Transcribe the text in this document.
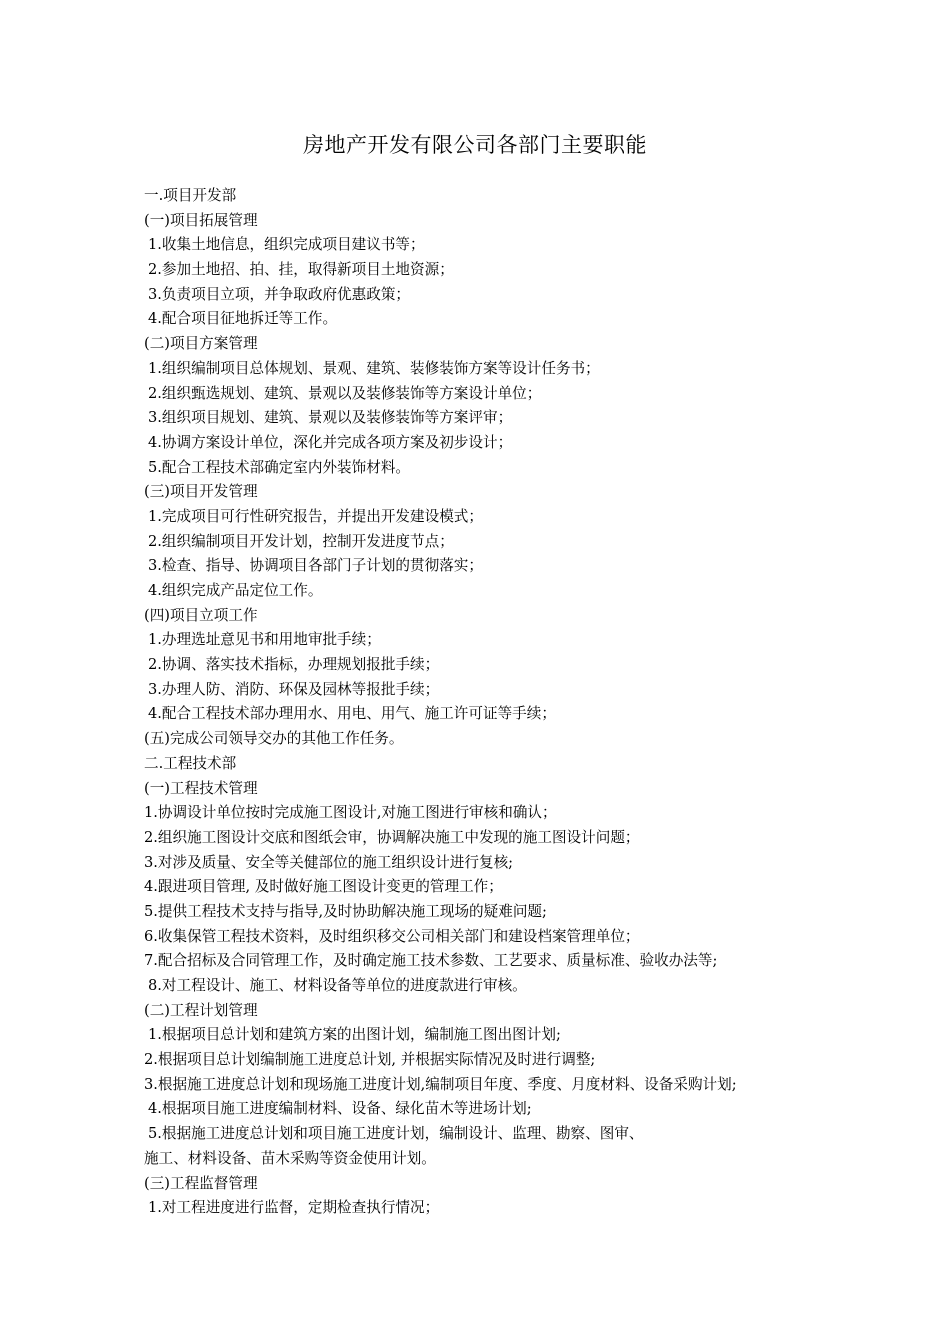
房地产开发有限公司各部门主要职能
一.项目开发部
(一)项目拓展管理
1.收集土地信息，组织完成项目建议书等；
2.参加土地招、拍、挂，取得新项目土地资源；
3.负责项目立项，并争取政府优惠政策；
4.配合项目征地拆迁等工作。
(二)项目方案管理
1.组织编制项目总体规划、景观、建筑、装修装饰方案等设计任务书；
2.组织甄选规划、建筑、景观以及装修装饰等方案设计单位；
3.组织项目规划、建筑、景观以及装修装饰等方案评审；
4.协调方案设计单位，深化并完成各项方案及初步设计；
5.配合工程技术部确定室内外装饰材料。
(三)项目开发管理
1.完成项目可行性研究报告，并提出开发建设模式；
2.组织编制项目开发计划，控制开发进度节点；
3.检查、指导、协调项目各部门子计划的贯彻落实；
4.组织完成产品定位工作。
(四)项目立项工作
1.办理选址意见书和用地审批手续；
2.协调、落实技术指标，办理规划报批手续；
3.办理人防、消防、环保及园林等报批手续；
4.配合工程技术部办理用水、用电、用气、施工许可证等手续；
(五)完成公司领导交办的其他工作任务。
二.工程技术部
(一)工程技术管理
1.协调设计单位按时完成施工图设计,对施工图进行审核和确认；
2.组织施工图设计交底和图纸会审，协调解决施工中发现的施工图设计问题；
3.对涉及质量、安全等关健部位的施工组织设计进行复核;
4.跟进项目管理, 及时做好施工图设计变更的管理工作；
5.提供工程技术支持与指导,及时协助解决施工现场的疑难问题;
6.收集保管工程技术资料，及时组织移交公司相关部门和建设档案管理单位；
7.配合招标及合同管理工作，及时确定施工技术参数、工艺要求、质量标准、验收办法等;
8.对工程设计、施工、材料设备等单位的进度款进行审核。
(二)工程计划管理
1.根据项目总计划和建筑方案的出图计划，编制施工图出图计划;
2.根据项目总计划编制施工进度总计划, 并根据实际情况及时进行调整;
3.根据施工进度总计划和现场施工进度计划,编制项目年度、季度、月度材料、设备采购计划;
4.根据项目施工进度编制材料、设备、绿化苗木等进场计划;
5.根据施工进度总计划和项目施工进度计划，编制设计、监理、勘察、图审、
施工、材料设备、苗木采购等资金使用计划。
(三)工程监督管理
1.对工程进度进行监督，定期检查执行情况；
